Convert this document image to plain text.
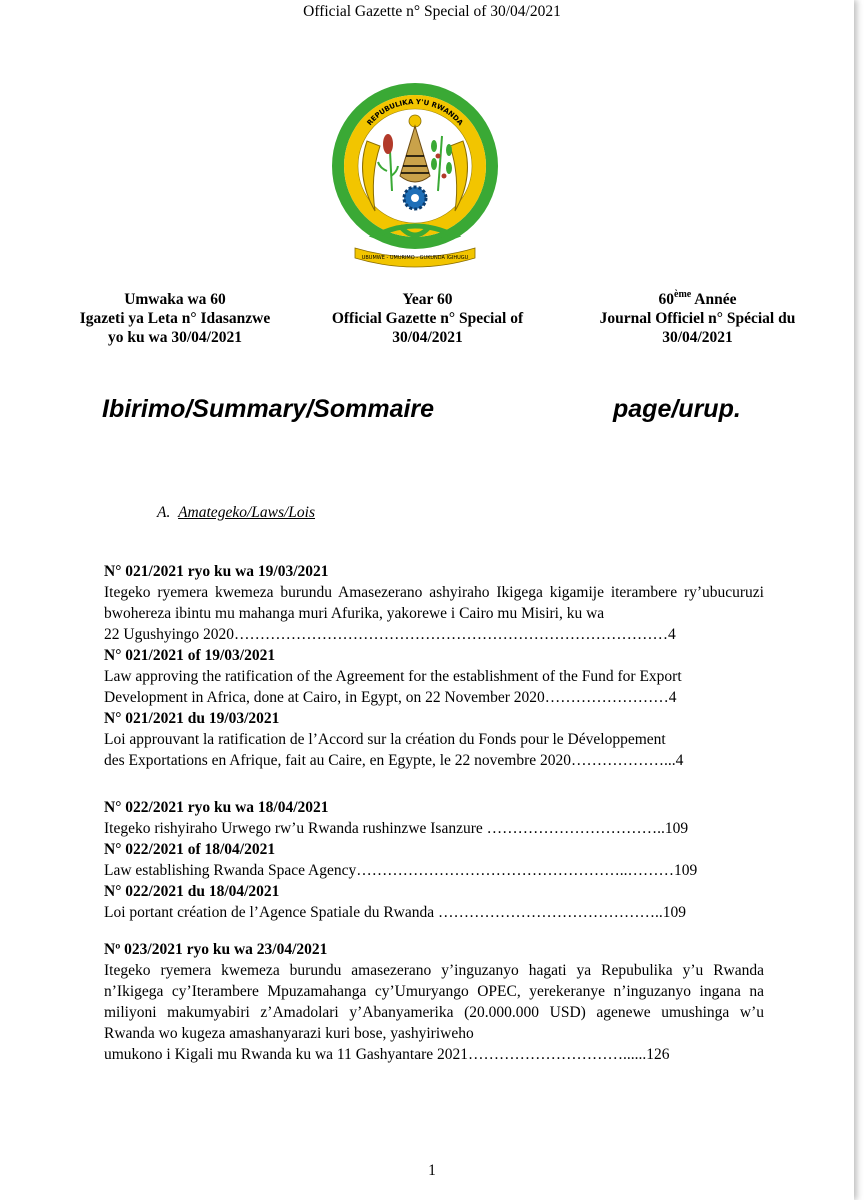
Official Gazette n° Special of 30/04/2021
REPUBULIKA Y'U RWANDA
UBUMWE - UMURIMO - GUKUNDA IGIHUGU
Umwaka wa 60
Igazeti ya Leta n° Idasanzwe
yo ku wa 30/04/2021
Year 60
Official Gazette n° Special of
30/04/2021
60ème Année
Journal Officiel n° Spécial du
30/04/2021
Ibirimo/Summary/Sommaire	page/urup.
A. Amategeko/Laws/Lois
N° 021/2021 ryo ku wa 19/03/2021
Itegeko ryemera kwemeza burundu Amasezerano ashyiraho Ikigega kigamije iterambere ry’ubucuruzi bwohereza ibintu mu mahanga muri Afurika, yakorewe i Cairo mu Misiri, ku wa
22 Ugushyingo 2020…………………………………………………………………………4
N° 021/2021 of 19/03/2021
Law approving the ratification of the Agreement for the establishment of the Fund for Export
Development in Africa, done at Cairo, in Egypt, on 22 November 2020……………………4
N° 021/2021 du 19/03/2021
Loi approuvant la ratification de l’Accord sur la création du Fonds pour le Développement
des Exportations en Afrique, fait au Caire, en Egypte, le 22 novembre 2020………………...4
N° 022/2021 ryo ku wa 18/04/2021
Itegeko rishyiraho Urwego rw’u Rwanda rushinzwe Isanzure ……………………………..109
N° 022/2021 of 18/04/2021
Law establishing Rwanda Space Agency……………………………………………..………109
N° 022/2021 du 18/04/2021
Loi portant création de l’Agence Spatiale du Rwanda ……………………………………..109
Nº 023/2021 ryo ku wa 23/04/2021
Itegeko ryemera kwemeza burundu amasezerano y’inguzanyo hagati ya Repubulika y’u Rwanda n’Ikigega cy’Iterambere Mpuzamahanga cy’Umuryango OPEC, yerekeranye n’inguzanyo ingana na miliyoni makumyabiri z’Amadolari y’Abanyamerika (20.000.000 USD) agenewe umushinga w’u Rwanda wo kugeza amashanyarazi kuri bose, yashyiriweho
umukono i Kigali mu Rwanda ku wa 11 Gashyantare 2021…………………………......126
1
